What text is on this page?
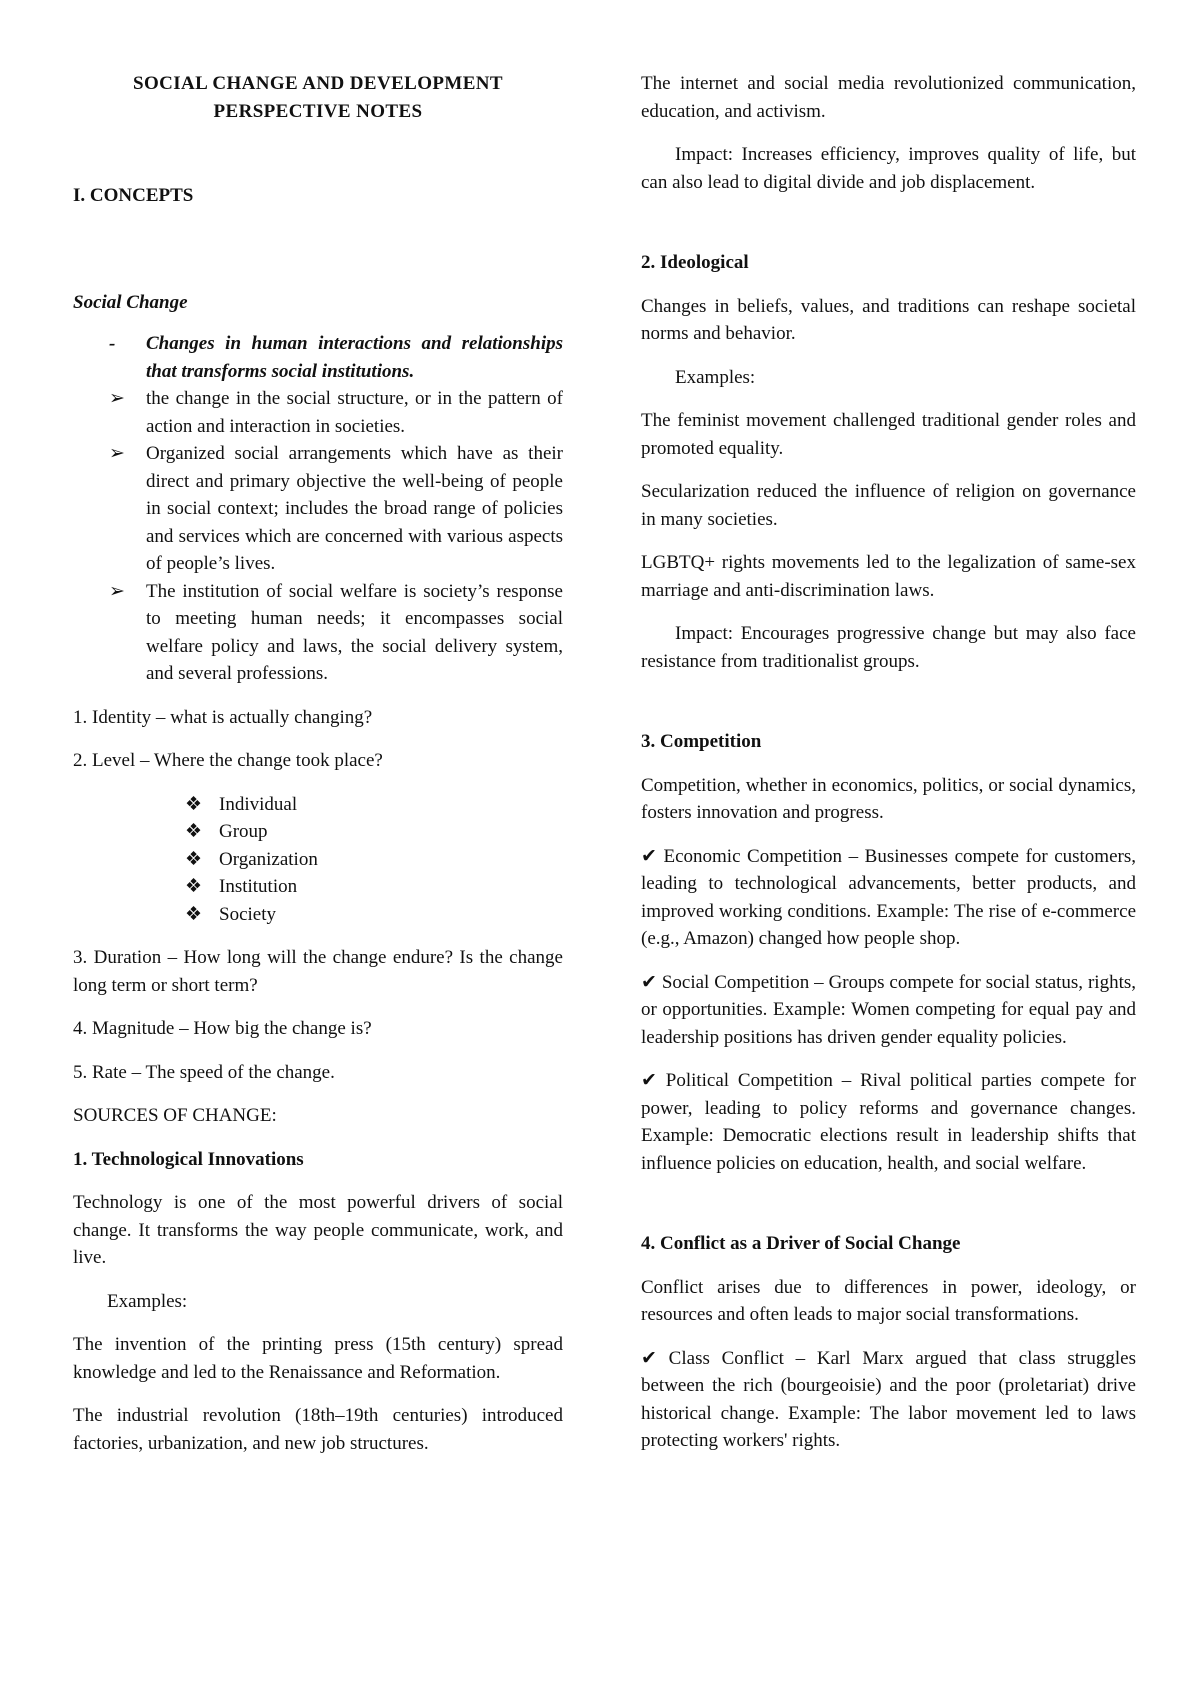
SOCIAL CHANGE AND DEVELOPMENT

PERSPECTIVE NOTES

I. CONCEPTS

Social Change

- Changes in human interactions and relationships that transforms social institutions.
➢ the change in the social structure, or in the pattern of action and interaction in societies.
➢ Organized social arrangements which have as their direct and primary objective the well-being of people in social context; includes the broad range of policies and services which are concerned with various aspects of people’s lives.
➢ The institution of social welfare is society’s response to meeting human needs; it encompasses social welfare policy and laws, the social delivery system, and several professions.

1. Identity – what is actually changing?

2. Level – Where the change took place?

❖ Individual
❖ Group
❖ Organization
❖ Institution
❖ Society

3. Duration – How long will the change endure? Is the change long term or short term?

4. Magnitude – How big the change is?

5. Rate – The speed of the change.

SOURCES OF CHANGE:

1. Technological Innovations

Technology is one of the most powerful drivers of social change. It transforms the way people communicate, work, and live.

Examples:

The invention of the printing press (15th century) spread knowledge and led to the Renaissance and Reformation.

The industrial revolution (18th–19th centuries) introduced factories, urbanization, and new job structures.

The internet and social media revolutionized communication, education, and activism.

Impact: Increases efficiency, improves quality of life, but can also lead to digital divide and job displacement.

2. Ideological

Changes in beliefs, values, and traditions can reshape societal norms and behavior.

Examples:

The feminist movement challenged traditional gender roles and promoted equality.

Secularization reduced the influence of religion on governance in many societies.

LGBTQ+ rights movements led to the legalization of same-sex marriage and anti-discrimination laws.

Impact: Encourages progressive change but may also face resistance from traditionalist groups.

3. Competition

Competition, whether in economics, politics, or social dynamics, fosters innovation and progress.

✔ Economic Competition – Businesses compete for customers, leading to technological advancements, better products, and improved working conditions. Example: The rise of e-commerce (e.g., Amazon) changed how people shop.

✔ Social Competition – Groups compete for social status, rights, or opportunities. Example: Women competing for equal pay and leadership positions has driven gender equality policies.

✔ Political Competition – Rival political parties compete for power, leading to policy reforms and governance changes. Example: Democratic elections result in leadership shifts that influence policies on education, health, and social welfare.

4. Conflict as a Driver of Social Change

Conflict arises due to differences in power, ideology, or resources and often leads to major social transformations.

✔ Class Conflict – Karl Marx argued that class struggles between the rich (bourgeoisie) and the poor (proletariat) drive historical change. Example: The labor movement led to laws protecting workers' rights.
